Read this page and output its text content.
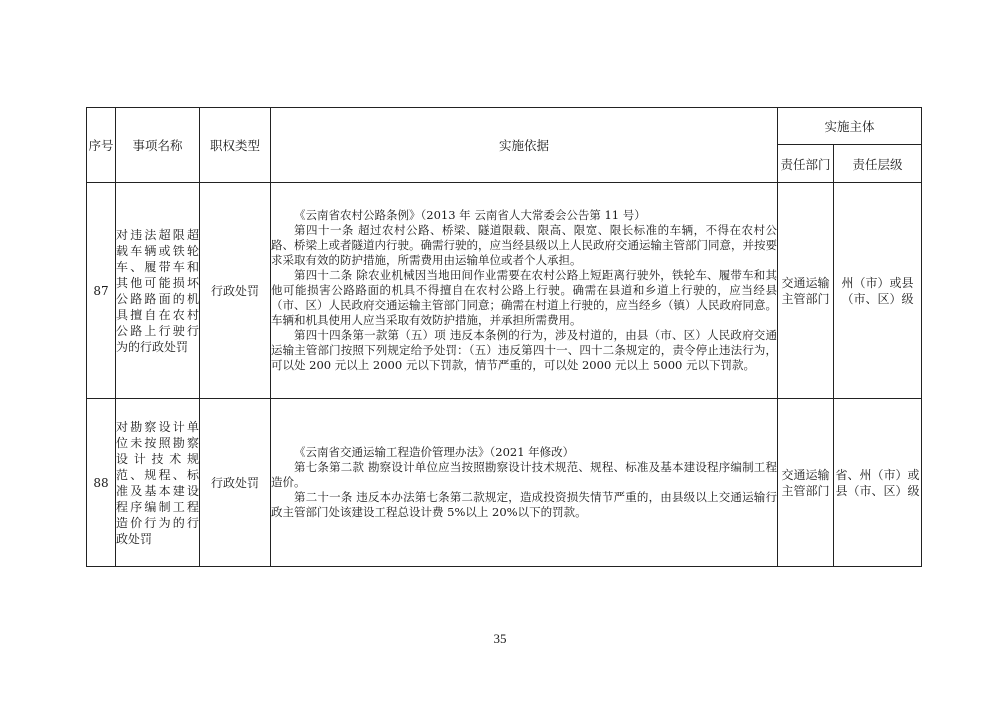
序号	事项名称	职权类型	实施依据	实施主体	
				责任部门	责任层级
87	对违法超限超载车辆或铁轮车、履带车和其他可能损坏公路路面的机具擅自在农村公路上行驶行为的行政处罚	行政处罚	《云南省农村公路条例》（2013 年 云南省人大常委会公告第 11 号）

第四十一条 超过农村公路、桥梁、隧道限载、限高、限宽、限长标准的车辆，不得在农村公路、桥梁上或者隧道内行驶。确需行驶的，应当经县级以上人民政府交通运输主管部门同意，并按要求采取有效的防护措施，所需费用由运输单位或者个人承担。

第四十二条 除农业机械因当地田间作业需要在农村公路上短距离行驶外，铁轮车、履带车和其他可能损害公路路面的机具不得擅自在农村公路上行驶。确需在县道和乡道上行驶的，应当经县（市、区）人民政府交通运输主管部门同意；确需在村道上行驶的，应当经乡（镇）人民政府同意。车辆和机具使用人应当采取有效防护措施，并承担所需费用。

第四十四条第一款第（五）项 违反本条例的行为，涉及村道的，由县（市、区）人民政府交通运输主管部门按照下列规定给予处罚：（五）违反第四十一、四十二条规定的，责令停止违法行为，可以处 200 元以上 2000 元以下罚款，情节严重的，可以处 2000 元以上 5000 元以下罚款。	交通运输主管部门	州（市）或县（市、区）级
88	对勘察设计单位未按照勘察设计技术规范、规程、标准及基本建设程序编制工程造价行为的行政处罚	行政处罚	《云南省交通运输工程造价管理办法》（2021 年修改）

第七条第二款 勘察设计单位应当按照勘察设计技术规范、规程、标准及基本建设程序编制工程造价。

第二十一条 违反本办法第七条第二款规定，造成投资损失情节严重的，由县级以上交通运输行政主管部门处该建设工程总设计费 5%以上 20%以下的罚款。	交通运输主管部门	省、州（市）或县（市、区）级
35
